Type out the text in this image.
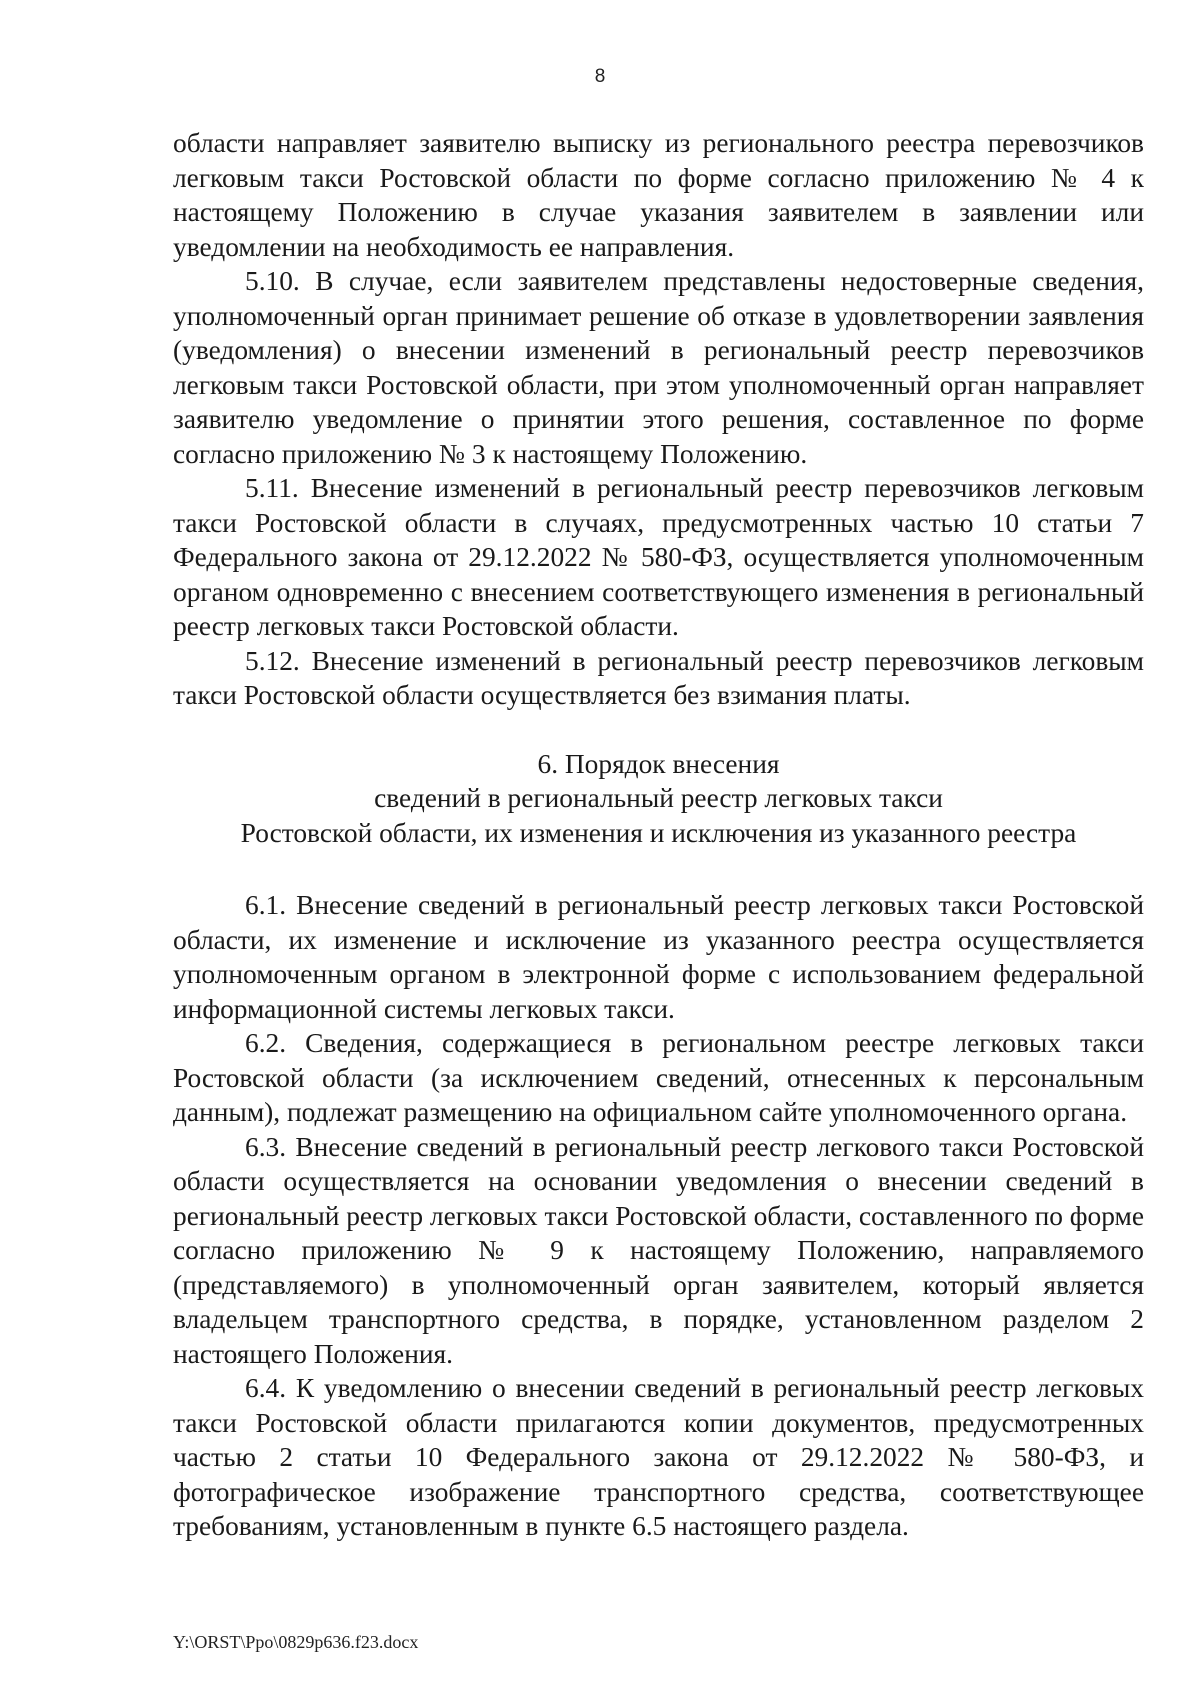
8

области направляет заявителю выписку из регионального реестра перевозчиков легковым такси Ростовской области по форме согласно приложению № 4 к настоящему Положению в случае указания заявителем в заявлении или уведомлении на необходимость ее направления.

5.10. В случае, если заявителем представлены недостоверные сведения, уполномоченный орган принимает решение об отказе в удовлетворении заявления (уведомления) о внесении изменений в региональный реестр перевозчиков легковым такси Ростовской области, при этом уполномоченный орган направляет заявителю уведомление о принятии этого решения, составленное по форме согласно приложению № 3 к настоящему Положению.

5.11. Внесение изменений в региональный реестр перевозчиков легковым такси Ростовской области в случаях, предусмотренных частью 10 статьи 7 Федерального закона от 29.12.2022 № 580-ФЗ, осуществляется уполномоченным органом одновременно с внесением соответствующего изменения в региональный реестр легковых такси Ростовской области.

5.12. Внесение изменений в региональный реестр перевозчиков легковым такси Ростовской области осуществляется без взимания платы.

6. Порядок внесения
сведений в региональный реестр легковых такси
Ростовской области, их изменения и исключения из указанного реестра

6.1. Внесение сведений в региональный реестр легковых такси Ростовской области, их изменение и исключение из указанного реестра осуществляется уполномоченным органом в электронной форме с использованием федеральной информационной системы легковых такси.

6.2. Сведения, содержащиеся в региональном реестре легковых такси Ростовской области (за исключением сведений, отнесенных к персональным данным), подлежат размещению на официальном сайте уполномоченного органа.

6.3. Внесение сведений в региональный реестр легкового такси Ростовской области осуществляется на основании уведомления о внесении сведений в региональный реестр легковых такси Ростовской области, составленного по форме согласно приложению № 9 к настоящему Положению, направляемого (представляемого) в уполномоченный орган заявителем, который является владельцем транспортного средства, в порядке, установленном разделом 2 настоящего Положения.

6.4. К уведомлению о внесении сведений в региональный реестр легковых такси Ростовской области прилагаются копии документов, предусмотренных частью 2 статьи 10 Федерального закона от 29.12.2022 № 580-ФЗ, и фотографическое изображение транспортного средства, соответствующее требованиям, установленным в пункте 6.5 настоящего раздела.

Y:\ORST\Ppo\0829p636.f23.docx
